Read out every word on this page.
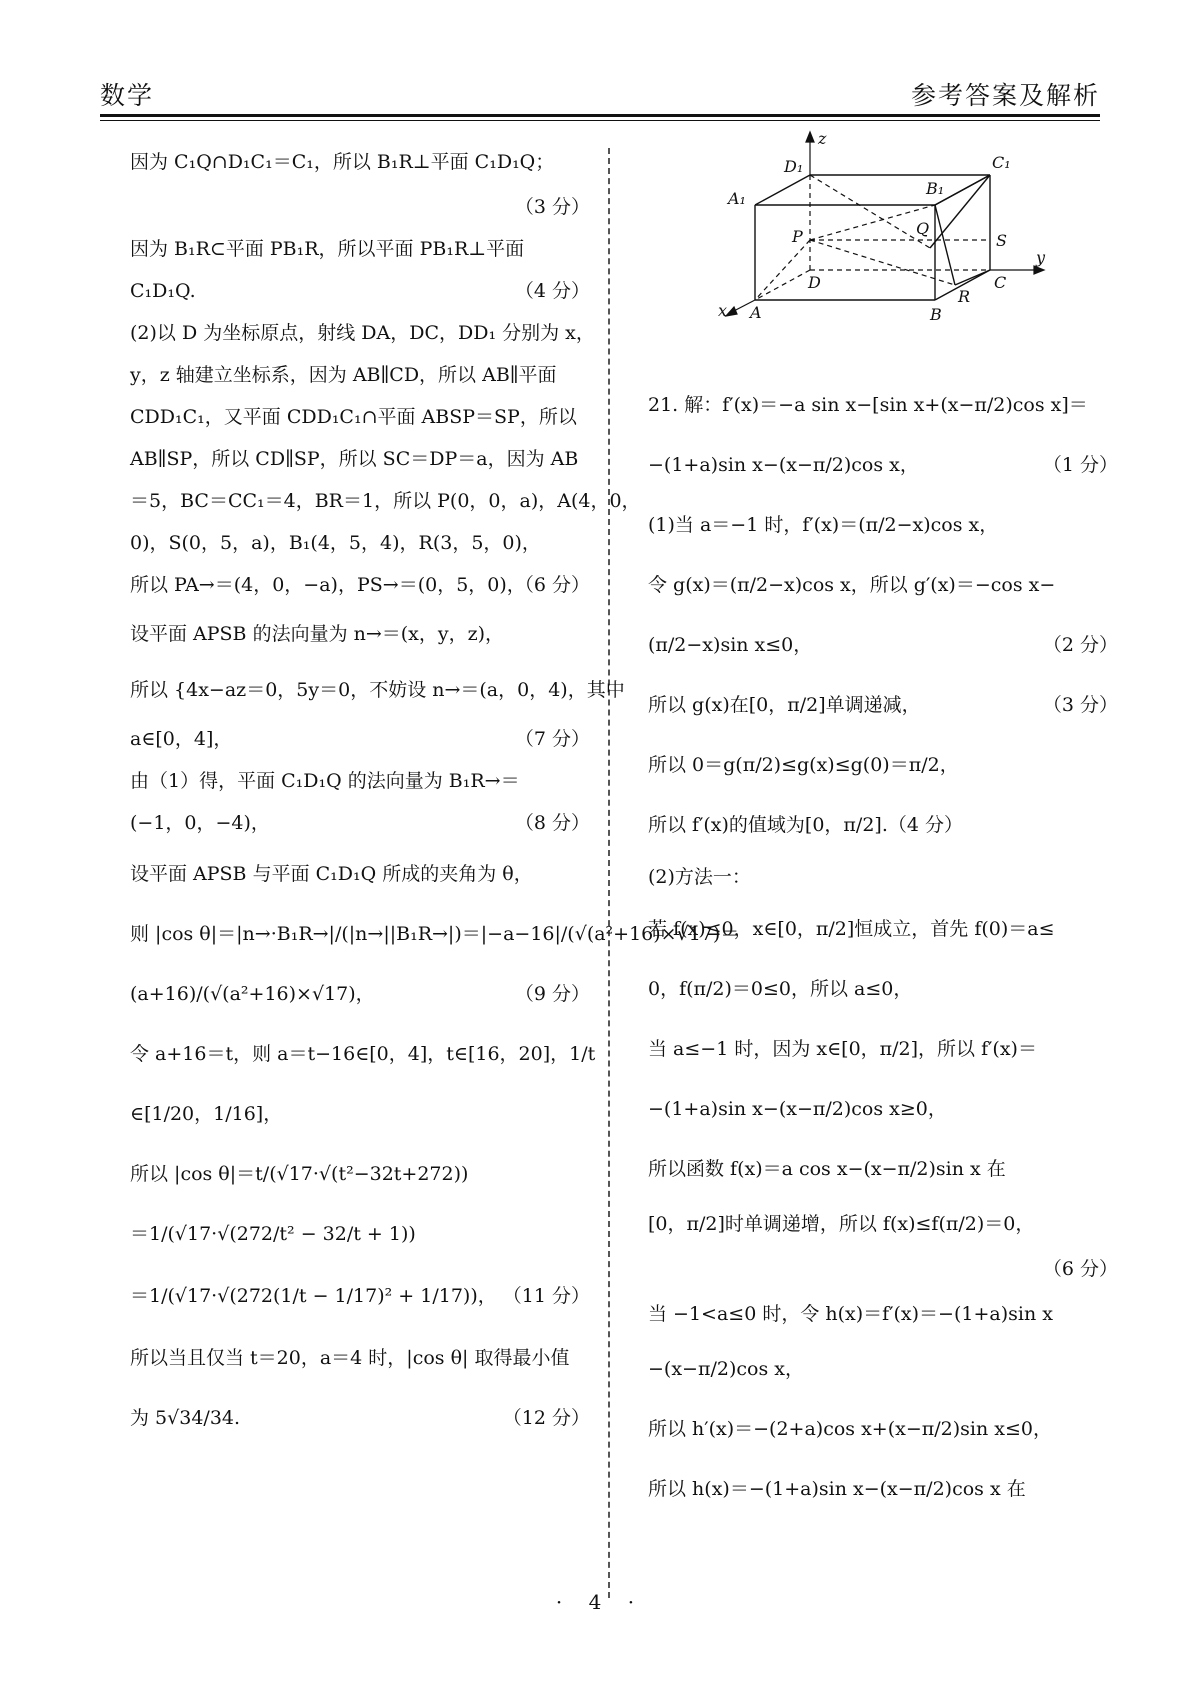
数学	参考答案及解析
因为 C₁Q∩D₁C₁＝C₁，所以 B₁R⊥平面 C₁D₁Q；
（3 分）
因为 B₁R⊂平面 PB₁R，所以平面 PB₁R⊥平面
C₁D₁Q.	（4 分）
(2)以 D 为坐标原点，射线 DA，DC，DD₁ 分别为 x，
y，z 轴建立坐标系，因为 AB∥CD，所以 AB∥平面
CDD₁C₁，又平面 CDD₁C₁∩平面 ABSP＝SP，所以
AB∥SP，所以 CD∥SP，所以 SC＝DP＝a，因为 AB
＝5，BC＝CC₁＝4，BR＝1，所以 P(0，0，a)，A(4，0，
0)，S(0，5，a)，B₁(4，5，4)，R(3，5，0)，
所以 PA→＝(4，0，−a)，PS→＝(0，5，0)，
（6 分）
设平面 APSB 的法向量为 n→＝(x，y，z)，
所以 {4x−az＝0，5y＝0，不妨设 n→＝(a，0，4)，其中
a∈[0，4]，	（7 分）
由（1）得，平面 C₁D₁Q 的法向量为 B₁R→＝
(−1，0，−4)，	（8 分）
设平面 APSB 与平面 C₁D₁Q 所成的夹角为 θ，
则 |cos θ|＝|n→·B₁R→|/(|n→||B₁R→|)＝|−a−16|/(√(a²+16)×√17)＝
(a+16)/(√(a²+16)×√17)，	（9 分）
令 a+16＝t，则 a＝t−16∈[0，4]，t∈[16，20]，1/t
∈[1/20，1/16]，
所以 |cos θ|＝t/(√17·√(t²−32t+272))
＝1/(√17·√(272/t² − 32/t + 1))
＝1/(√17·√(272(1/t − 1/17)² + 1/17))， （11 分）
所以当且仅当 t＝20，a＝4 时，|cos θ| 取得最小值
为 5√34/34.	（12 分）
z
y
x
D₁	C₁
A₁
B₁
P	Q
S
D	C
A	B
R
21. 解：f′(x)＝−a sin x−[sin x+(x−π/2)cos x]＝
−(1+a)sin x−(x−π/2)cos x，	（1 分）
(1)当 a＝−1 时，f′(x)＝(π/2−x)cos x，
令 g(x)＝(π/2−x)cos x，所以 g′(x)＝−cos x−
(π/2−x)sin x≤0，	（2 分）
所以 g(x)在[0，π/2]单调递减，	（3 分）
所以 0＝g(π/2)≤g(x)≤g(0)＝π/2，
所以 f′(x)的值域为[0，π/2].（4 分）
(2)方法一：
若 f(x)≤0，x∈[0，π/2]恒成立，首先 f(0)＝a≤
0，f(π/2)＝0≤0，所以 a≤0，
当 a≤−1 时，因为 x∈[0，π/2]，所以 f′(x)＝
−(1+a)sin x−(x−π/2)cos x≥0，
所以函数 f(x)＝a cos x−(x−π/2)sin x 在
[0，π/2]时单调递增，所以 f(x)≤f(π/2)＝0，
（6 分）
当 −1<a≤0 时，令 h(x)＝f′(x)＝−(1+a)sin x
−(x−π/2)cos x，
所以 h′(x)＝−(2+a)cos x+(x−π/2)sin x≤0，
所以 h(x)＝−(1+a)sin x−(x−π/2)cos x 在
· 4 ·
